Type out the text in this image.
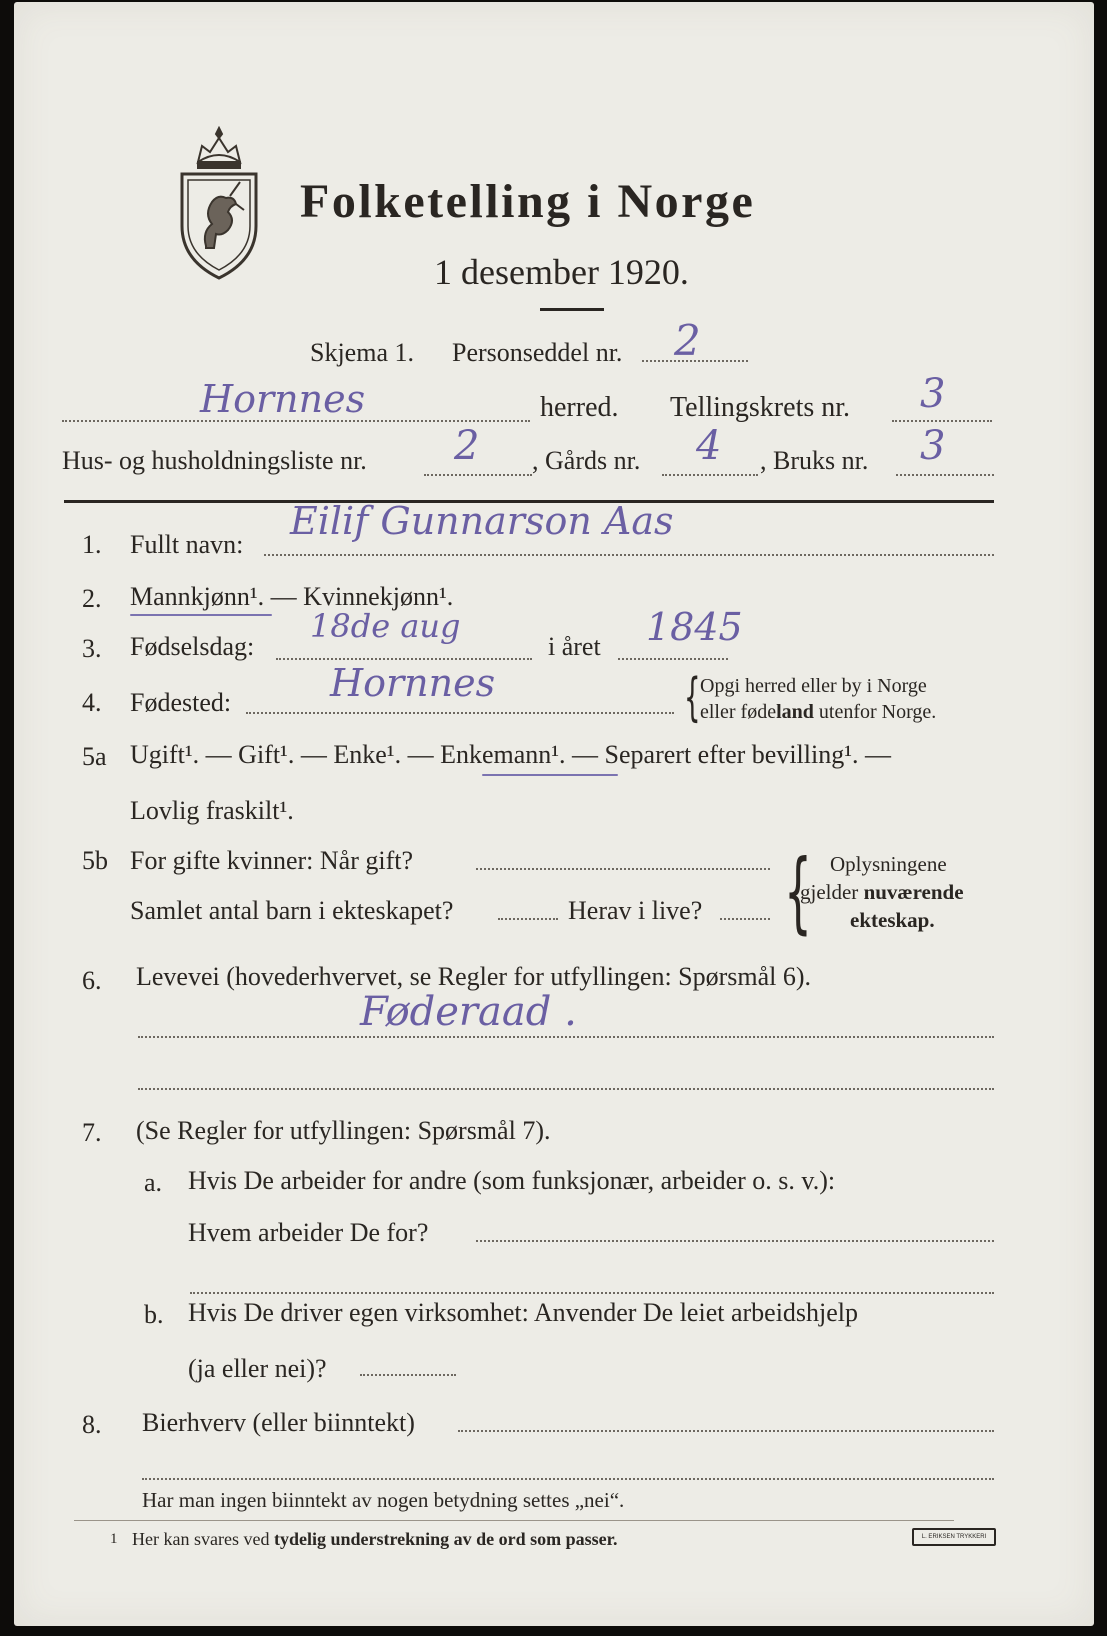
Folketelling i Norge
1 desember 1920.
Skjema 1. Personseddel nr. 2
Hornnes	herred. Tellingskrets nr. 3
Hus- og husholdningsliste nr. 2 , Gårds nr. 4 , Bruks nr. 3
1. Fullt navn:
Eilif Gunnarson Aas
2. Mannkjønn¹. — Kvinnekjønn¹.
3. Fødselsdag:
18de aug
i året 1845
4. Fødested:	Hornnes	{ Opgi herred eller by i Norge
eller fødeland utenfor Norge.
5a Ugift¹. — Gift¹. — Enke¹. — Enkemann¹. — Separert efter bevilling¹. —
Lovlig fraskilt¹.
5b For gifte kvinner: Når gift?
Samlet antal barn i ekteskapet?	Herav i live? { Oplysningene
gjelder nuværende
ekteskap.
6. Levevei (hovederhvervet, se Regler for utfyllingen: Spørsmål 6).
Føderaad .
7. (Se Regler for utfyllingen: Spørsmål 7).
a. Hvis De arbeider for andre (som funksjonær, arbeider o. s. v.):
Hvem arbeider De for?
b. Hvis De driver egen virksomhet: Anvender De leiet arbeidshjelp
(ja eller nei)?
8. Bierhverv (eller biinntekt)
Har man ingen biinntekt av nogen betydning settes „nei“.
1 Her kan svares ved tydelig understrekning av de ord som passer.	L. ERIKSEN TRYKKERI
